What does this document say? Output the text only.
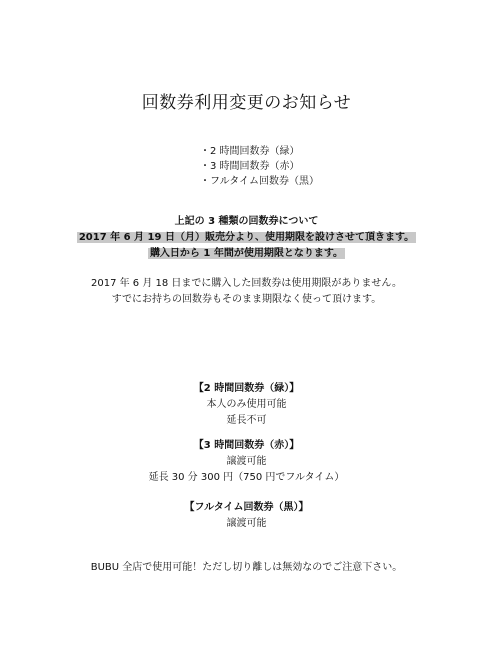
回数券利用変更のお知らせ
・2 時間回数券（緑）
・3 時間回数券（赤）
・フルタイム回数券（黒）
上記の 3 種類の回数券について
2017 年 6 月 19 日（月）販売分より、使用期限を設けさせて頂きます。
購入日から 1 年間が使用期限となります。
2017 年 6 月 18 日までに購入した回数券は使用期限がありません。
すでにお持ちの回数券もそのまま期限なく使って頂けます。
【2 時間回数券（緑）】
本人のみ使用可能
延長不可
【3 時間回数券（赤）】
譲渡可能
延長 30 分 300 円（750 円でフルタイム）
【フルタイム回数券（黒）】
譲渡可能
BUBU 全店で使用可能！ただし切り離しは無効なのでご注意下さい。
